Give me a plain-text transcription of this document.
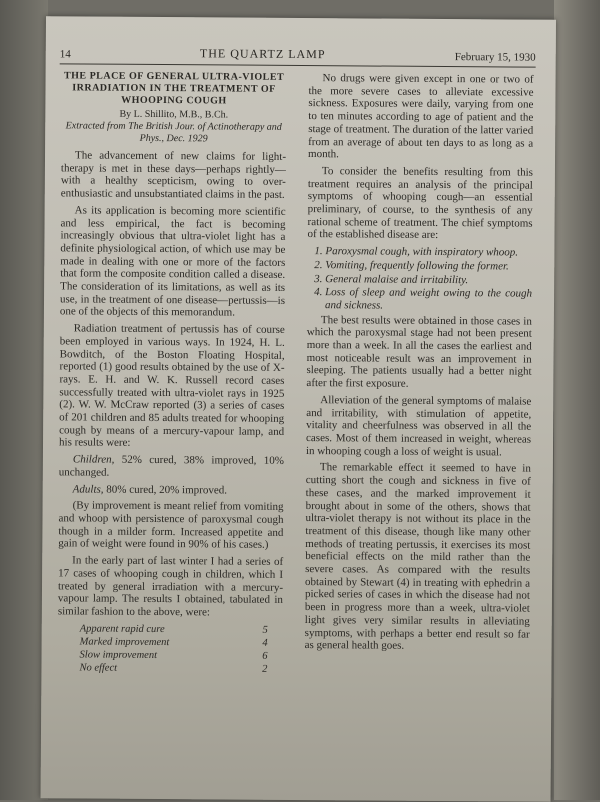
14	THE QUARTZ LAMP	February 15, 1930
THE PLACE OF GENERAL ULTRA-VIOLET IRRADIATION IN THE TREATMENT OF WHOOPING COUGH
By L. Shillito, M.B., B.Ch.
Extracted from The British Jour. of Actinotherapy and Phys., Dec. 1929

The advancement of new claims for light-therapy is met in these days—perhaps rightly—with a healthy scepticism, owing to over-enthusiastic and unsubstantiated claims in the past.

As its application is becoming more scientific and less empirical, the fact is becoming increasingly obvious that ultra-violet light has a definite physiological action, of which use may be made in dealing with one or more of the factors that form the composite condition called a disease. The consideration of its limitations, as well as its use, in the treatment of one disease—pertussis—is one of the objects of this memorandum.

Radiation treatment of pertussis has of course been employed in various ways. In 1924, H. L. Bowditch, of the Boston Floating Hospital, reported (1) good results obtained by the use of X-rays. E. H. and W. K. Russell record cases successfully treated with ultra-violet rays in 1925 (2). W. W. McCraw reported (3) a series of cases of 201 children and 85 adults treated for whooping cough by means of a mercury-vapour lamp, and his results were:

Children, 52% cured, 38% improved, 10% unchanged.

Adults, 80% cured, 20% improved.

(By improvement is meant relief from vomiting and whoop with persistence of paroxysmal cough though in a milder form. Increased appetite and gain of weight were found in 90% of his cases.)

In the early part of last winter I had a series of 17 cases of whooping cough in children, which I treated by general irradiation with a mercury-vapour lamp. The results I obtained, tabulated in similar fashion to the above, were:

Apparent rapid cure	5
Marked improvement	4
Slow improvement	6
No effect	2

No drugs were given except in one or two of the more severe cases to alleviate excessive sickness. Exposures were daily, varying from one to ten minutes according to age of patient and the stage of treatment. The duration of the latter varied from an average of about ten days to as long as a month.

To consider the benefits resulting from this treatment requires an analysis of the principal symptoms of whooping cough—an essential preliminary, of course, to the synthesis of any rational scheme of treatment. The chief symptoms of the established disease are:

1. Paroxysmal cough, with inspiratory whoop.
2. Vomiting, frequently following the former.
3. General malaise and irritability.
4. Loss of sleep and weight owing to the cough and sickness.

The best results were obtained in those cases in which the paroxysmal stage had not been present more than a week. In all the cases the earliest and most noticeable result was an improvement in sleeping. The patients usually had a better night after the first exposure.

Alleviation of the general symptoms of malaise and irritability, with stimulation of appetite, vitality and cheerfulness was observed in all the cases. Most of them increased in weight, whereas in whooping cough a loss of weight is usual.

The remarkable effect it seemed to have in cutting short the cough and sickness in five of these cases, and the marked improvement it brought about in some of the others, shows that ultra-violet therapy is not without its place in the treatment of this disease, though like many other methods of treating pertussis, it exercises its most beneficial effects on the mild rather than the severe cases. As compared with the results obtained by Stewart (4) in treating with ephedrin a picked series of cases in which the disease had not been in progress more than a week, ultra-violet light gives very similar results in alleviating symptoms, with perhaps a better end result so far as general health goes.
